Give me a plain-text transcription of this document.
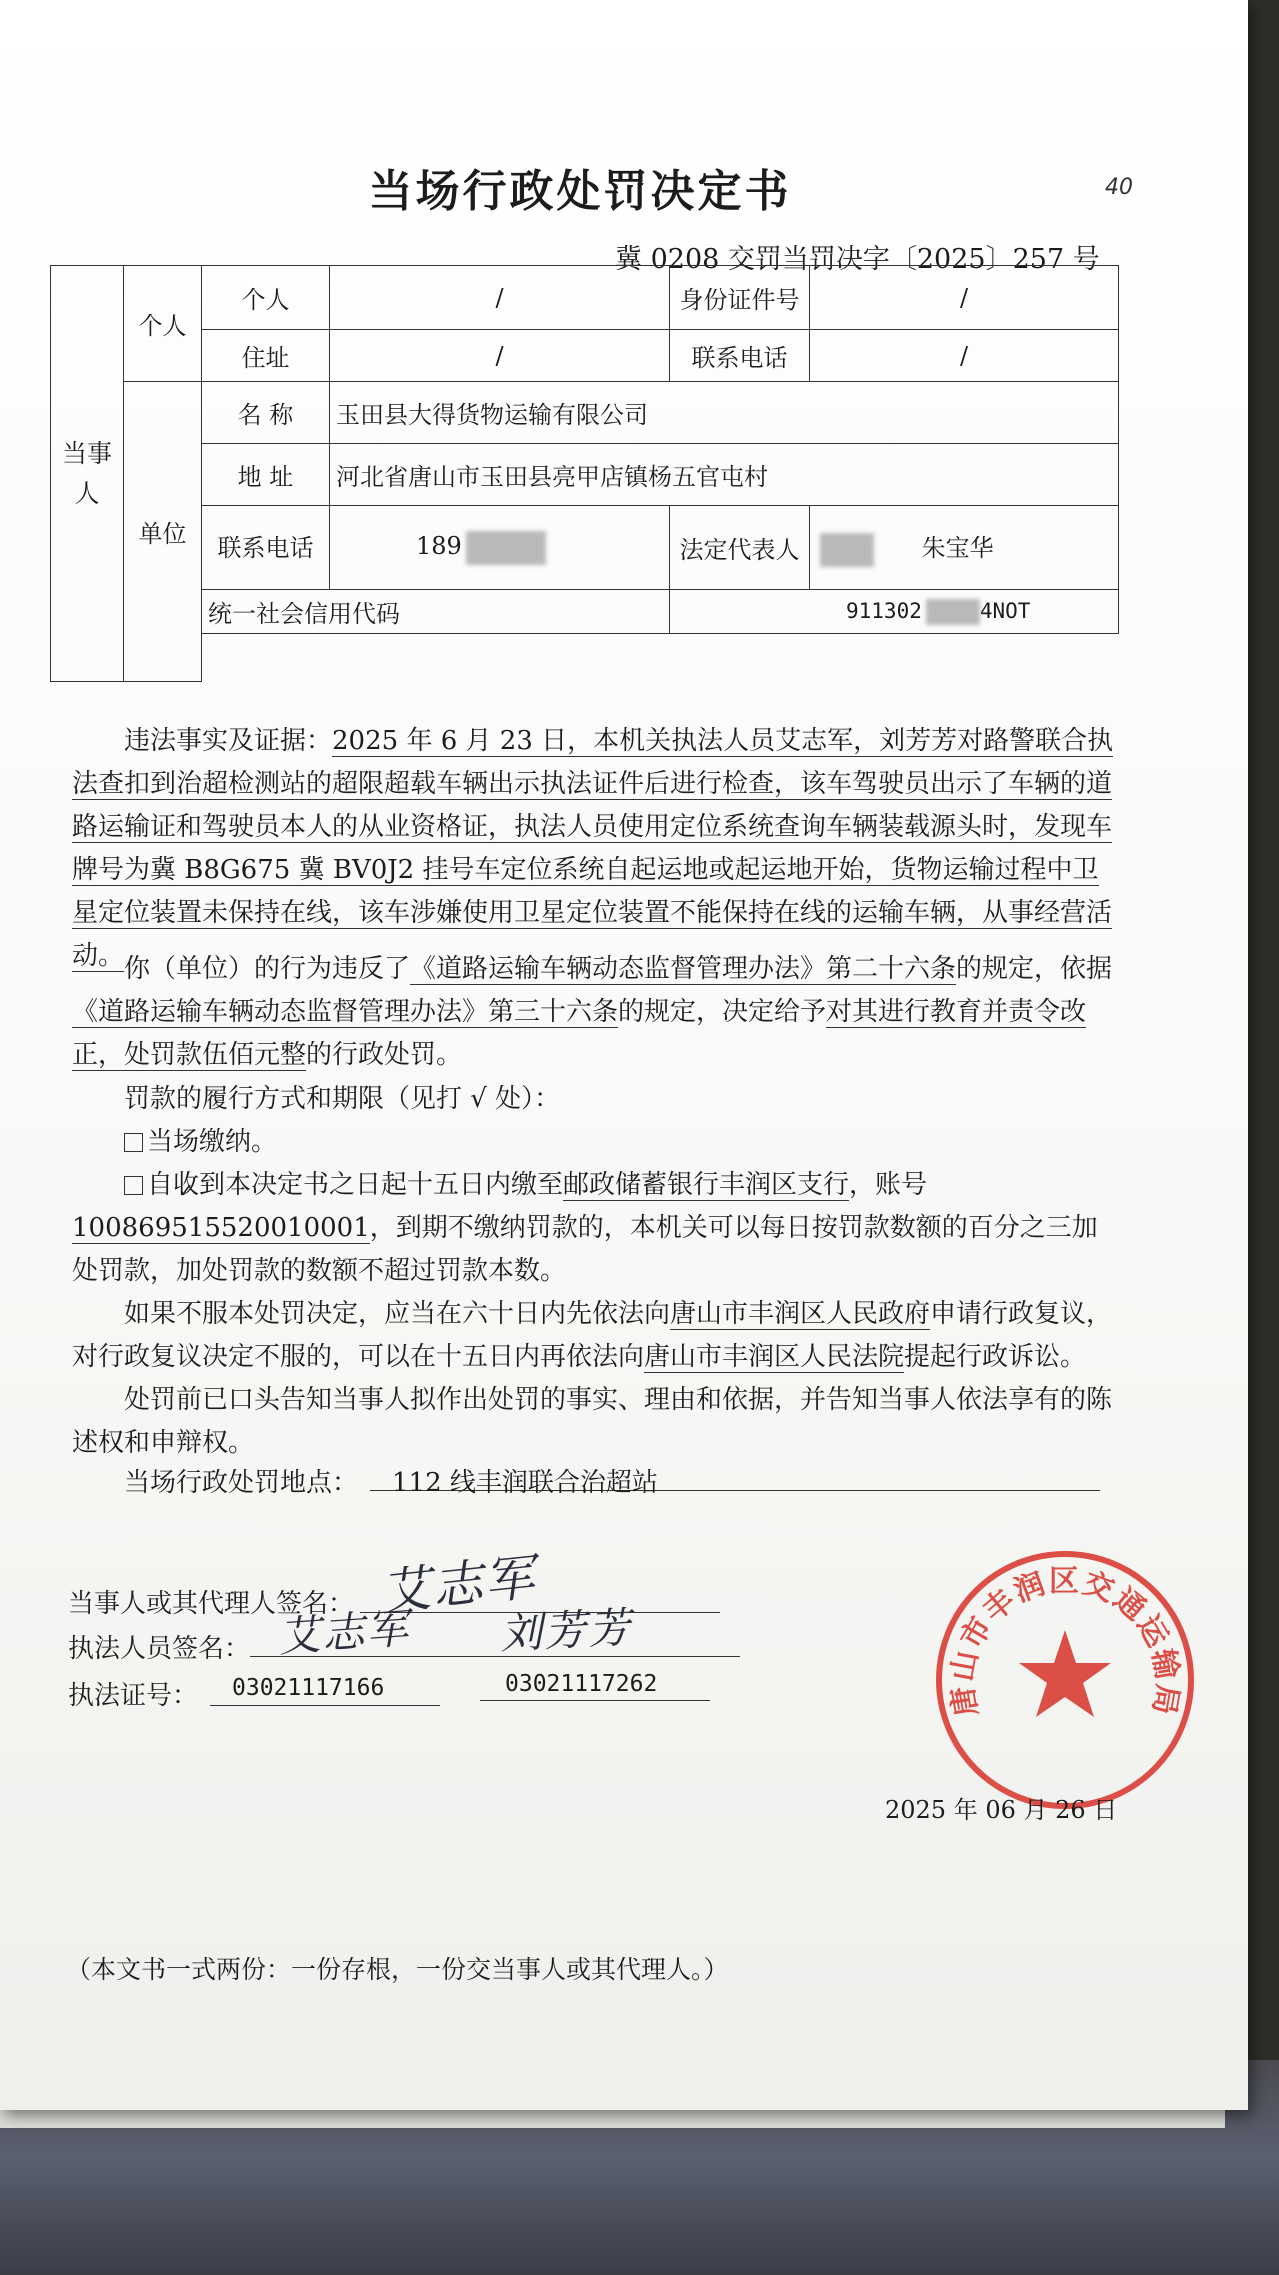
当场行政处罚决定书	40
冀 0208 交罚当罚决字〔2025〕257 号
当事人	个人	个人	/	身份证件号	/
		住址	/	联系电话	/
	单位	名 称	玉田县大得货物运输有限公司		
		地 址	河北省唐山市玉田县亮甲店镇杨五官屯村		
		联系电话	189	法定代表人	朱宝华
		统一社会信用代码		911302 4NOT	

违法事实及证据：2025 年 6 月 23 日，本机关执法人员艾志军，刘芳芳对路警联合执法查扣到治超检测站的超限超载车辆出示执法证件后进行检查，该车驾驶员出示了车辆的道路运输证和驾驶员本人的从业资格证，执法人员使用定位系统查询车辆装载源头时，发现车牌号为冀 B8G675 冀 BV0J2 挂号车定位系统自起运地或起运地开始，货物运输过程中卫星定位装置未保持在线，该车涉嫌使用卫星定位装置不能保持在线的运输车辆，从事经营活动。 你（单位）的行为违反了《道路运输车辆动态监督管理办法》第二十六条的规定，依据《道路运输车辆动态监督管理办法》第三十六条的规定，决定给予对其进行教育并责令改正，处罚款伍佰元整的行政处罚。
罚款的履行方式和期限（见打 √ 处）：
当场缴纳。
✓自收到本决定书之日起十五日内缴至邮政储蓄银行丰润区支行，账号 100869515520010001，到期不缴纳罚款的，本机关可以每日按罚款数额的百分之三加处罚款，加处罚款的数额不超过罚款本数。
如果不服本处罚决定，应当在六十日内先依法向唐山市丰润区人民政府申请行政复议，对行政复议决定不服的，可以在十五日内再依法向唐山市丰润区人民法院提起行政诉讼。
处罚前已口头告知当事人拟作出处罚的事实、理由和依据，并告知当事人依法享有的陈述权和申辩权。
当场行政处罚地点： 112 线丰润联合治超站
当事人或其代理人签名： 艾志军
执法人员签名： 艾志军 刘芳芳
执法证号： 03021117166	03021117262	唐山市丰润区交通运输局
2025 年 06 月 26 日
（本文书一式两份：一份存根，一份交当事人或其代理人。）
